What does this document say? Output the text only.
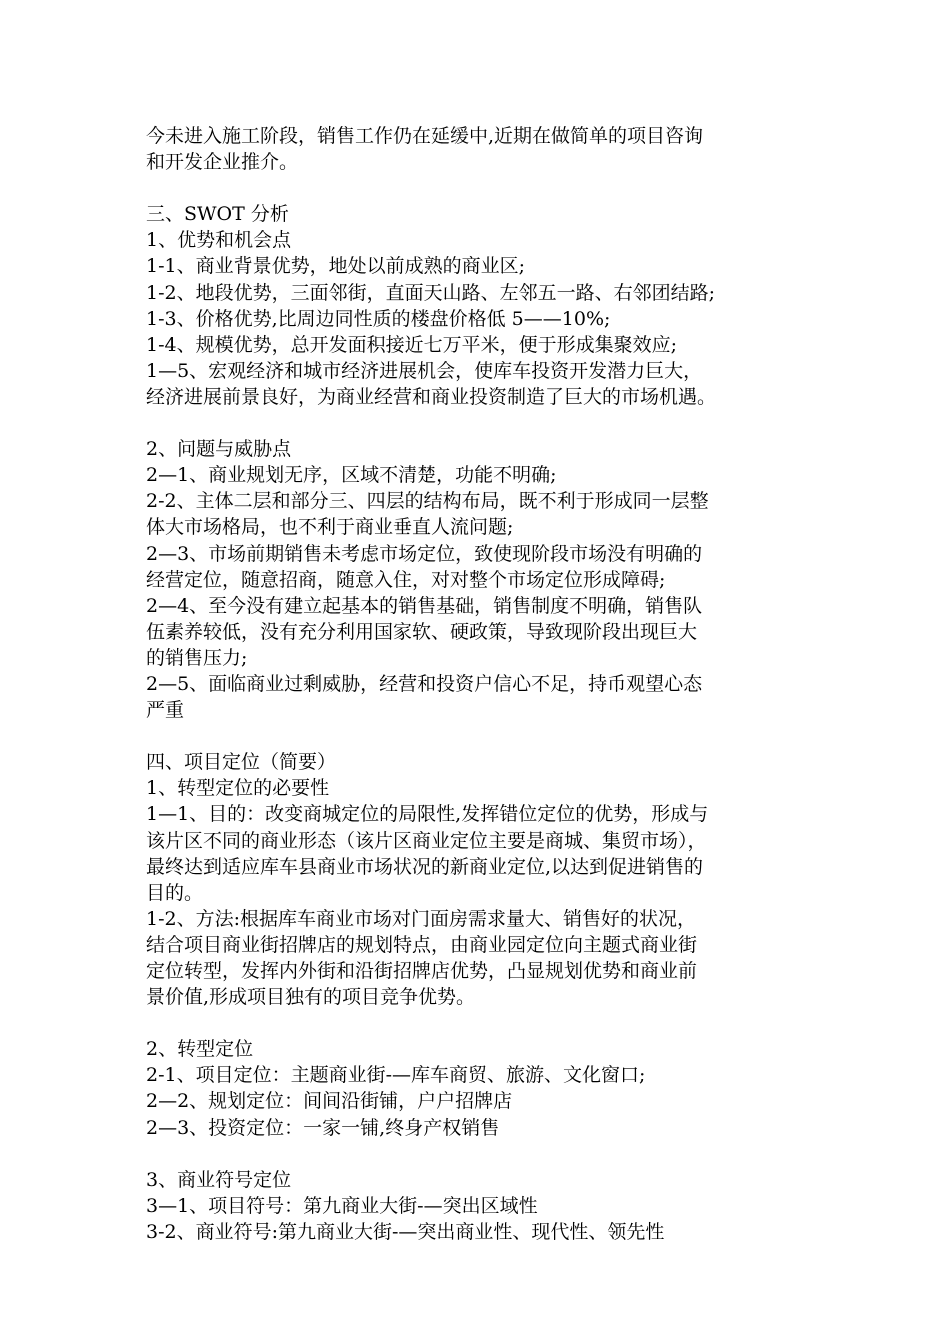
今未进入施工阶段，销售工作仍在延缓中,近期在做简单的项目咨询
和开发企业推介。
三、SWOT 分析
1、优势和机会点
1-1、商业背景优势，地处以前成熟的商业区;
1-2、地段优势，三面邻街，直面天山路、左邻五一路、右邻团结路;
1-3、价格优势,比周边同性质的楼盘价格低 5——10%;
1-4、规模优势，总开发面积接近七万平米，便于形成集聚效应;
1—5、宏观经济和城市经济进展机会，使库车投资开发潜力巨大，
经济进展前景良好，为商业经营和商业投资制造了巨大的市场机遇。
2、问题与威胁点
2—1、商业规划无序，区域不清楚，功能不明确;
2-2、主体二层和部分三、四层的结构布局，既不利于形成同一层整
体大市场格局，也不利于商业垂直人流问题;
2—3、市场前期销售未考虑市场定位，致使现阶段市场没有明确的
经营定位，随意招商，随意入住，对对整个市场定位形成障碍;
2—4、至今没有建立起基本的销售基础，销售制度不明确，销售队
伍素养较低，没有充分利用国家软、硬政策，导致现阶段出现巨大
的销售压力;
2—5、面临商业过剩威胁，经营和投资户信心不足，持币观望心态
严重
四、项目定位（简要）
1、转型定位的必要性
1—1、目的：改变商城定位的局限性,发挥错位定位的优势，形成与
该片区不同的商业形态（该片区商业定位主要是商城、集贸市场），
最终达到适应库车县商业市场状况的新商业定位,以达到促进销售的
目的。
1-2、方法:根据库车商业市场对门面房需求量大、销售好的状况，
结合项目商业街招牌店的规划特点，由商业园定位向主题式商业街
定位转型，发挥内外街和沿街招牌店优势，凸显规划优势和商业前
景价值,形成项目独有的项目竞争优势。
2、转型定位
2-1、项目定位：主题商业街-—库车商贸、旅游、文化窗口;
2—2、规划定位：间间沿街铺，户户招牌店
2—3、投资定位：一家一铺,终身产权销售
3、商业符号定位
3—1、项目符号：第九商业大街-—突出区域性
3-2、商业符号:第九商业大街-—突出商业性、现代性、领先性
